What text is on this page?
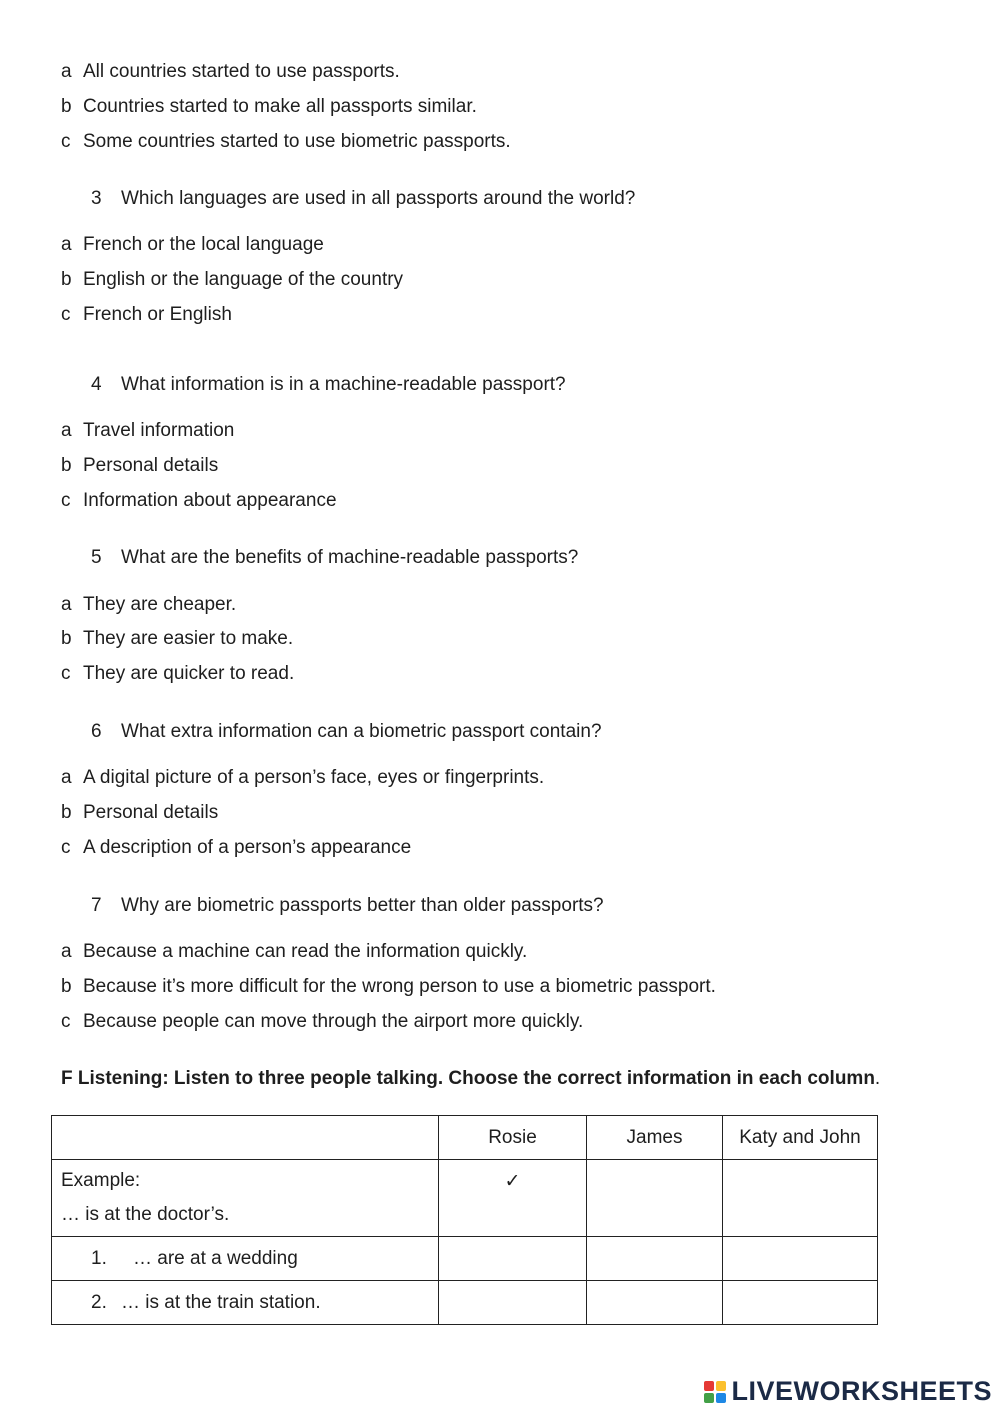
a All countries started to use passports.
b Countries started to make all passports similar.
c Some countries started to use biometric passports.
3 Which languages are used in all passports around the world?
a French or the local language
b English or the language of the country
c French or English
4 What information is in a machine-readable passport?
a Travel information
b Personal details
c Information about appearance
5 What are the benefits of machine-readable passports?
a They are cheaper.
b They are easier to make.
c They are quicker to read.
6 What extra information can a biometric passport contain?
a A digital picture of a person’s face, eyes or fingerprints.
b Personal details
c A description of a person’s appearance
7 Why are biometric passports better than older passports?
a Because a machine can read the information quickly.
b Because it’s more difficult for the wrong person to use a biometric passport.
c Because people can move through the airport more quickly.
F Listening: Listen to three people talking. Choose the correct information in each column.
	Rosie	James	Katy and John

Example:
… is at the doctor’s.	✓		

1. … are at a wedding			
2. … is at the train station.			
LIVEWORKSHEETS
